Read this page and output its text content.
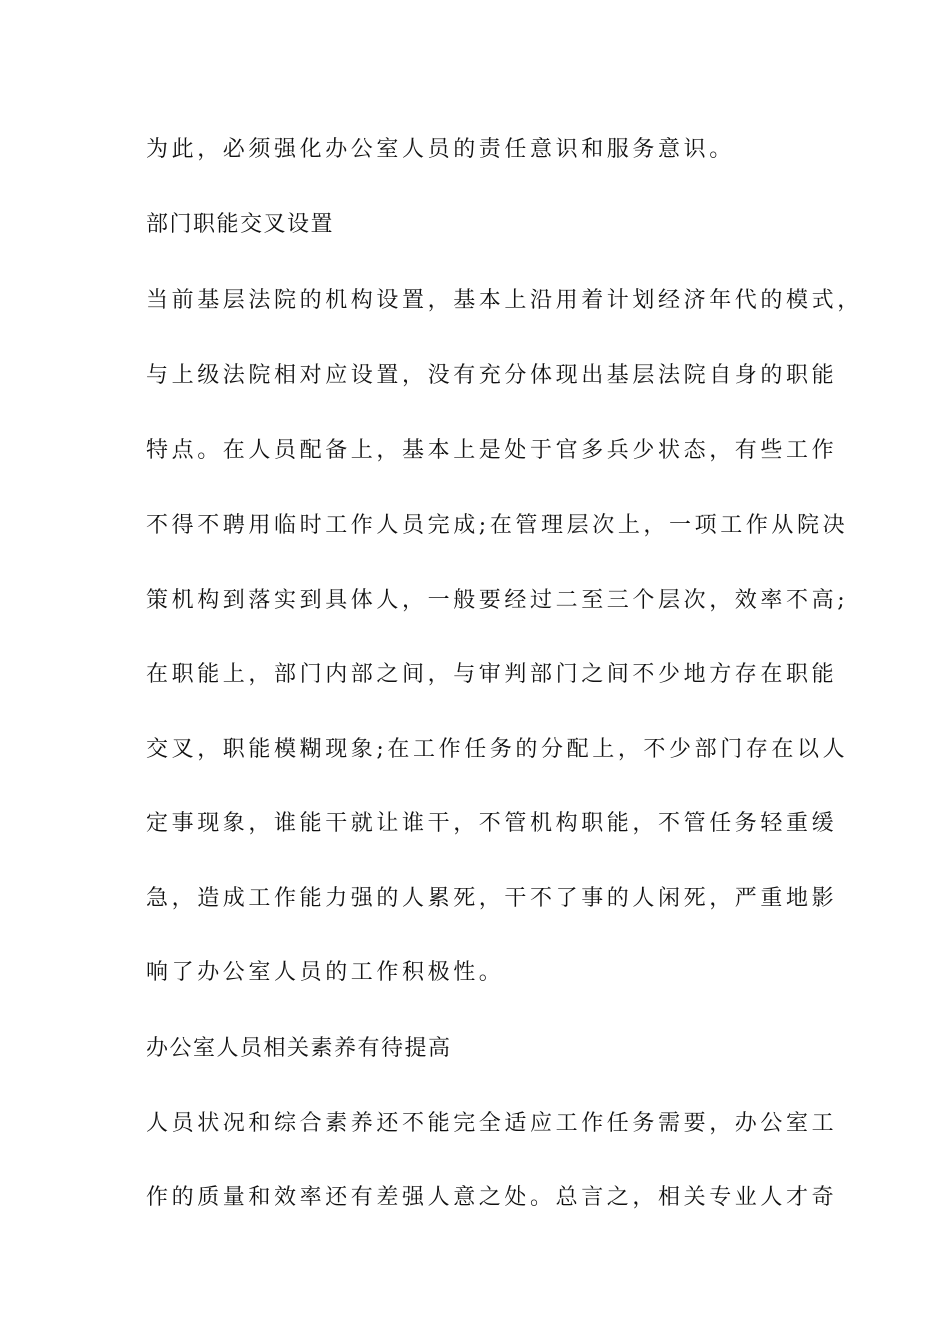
为此，必须强化办公室人员的责任意识和服务意识。
部门职能交叉设置
当前基层法院的机构设置，基本上沿用着计划经济年代的模式，
与上级法院相对应设置，没有充分体现出基层法院自身的职能
特点。在人员配备上，基本上是处于官多兵少状态，有些工作
不得不聘用临时工作人员完成;在管理层次上，一项工作从院决
策机构到落实到具体人，一般要经过二至三个层次，效率不高;
在职能上，部门内部之间，与审判部门之间不少地方存在职能
交叉，职能模糊现象;在工作任务的分配上，不少部门存在以人
定事现象，谁能干就让谁干，不管机构职能，不管任务轻重缓
急，造成工作能力强的人累死，干不了事的人闲死，严重地影
响了办公室人员的工作积极性。
办公室人员相关素养有待提高
人员状况和综合素养还不能完全适应工作任务需要，办公室工
作的质量和效率还有差强人意之处。总言之，相关专业人才奇
